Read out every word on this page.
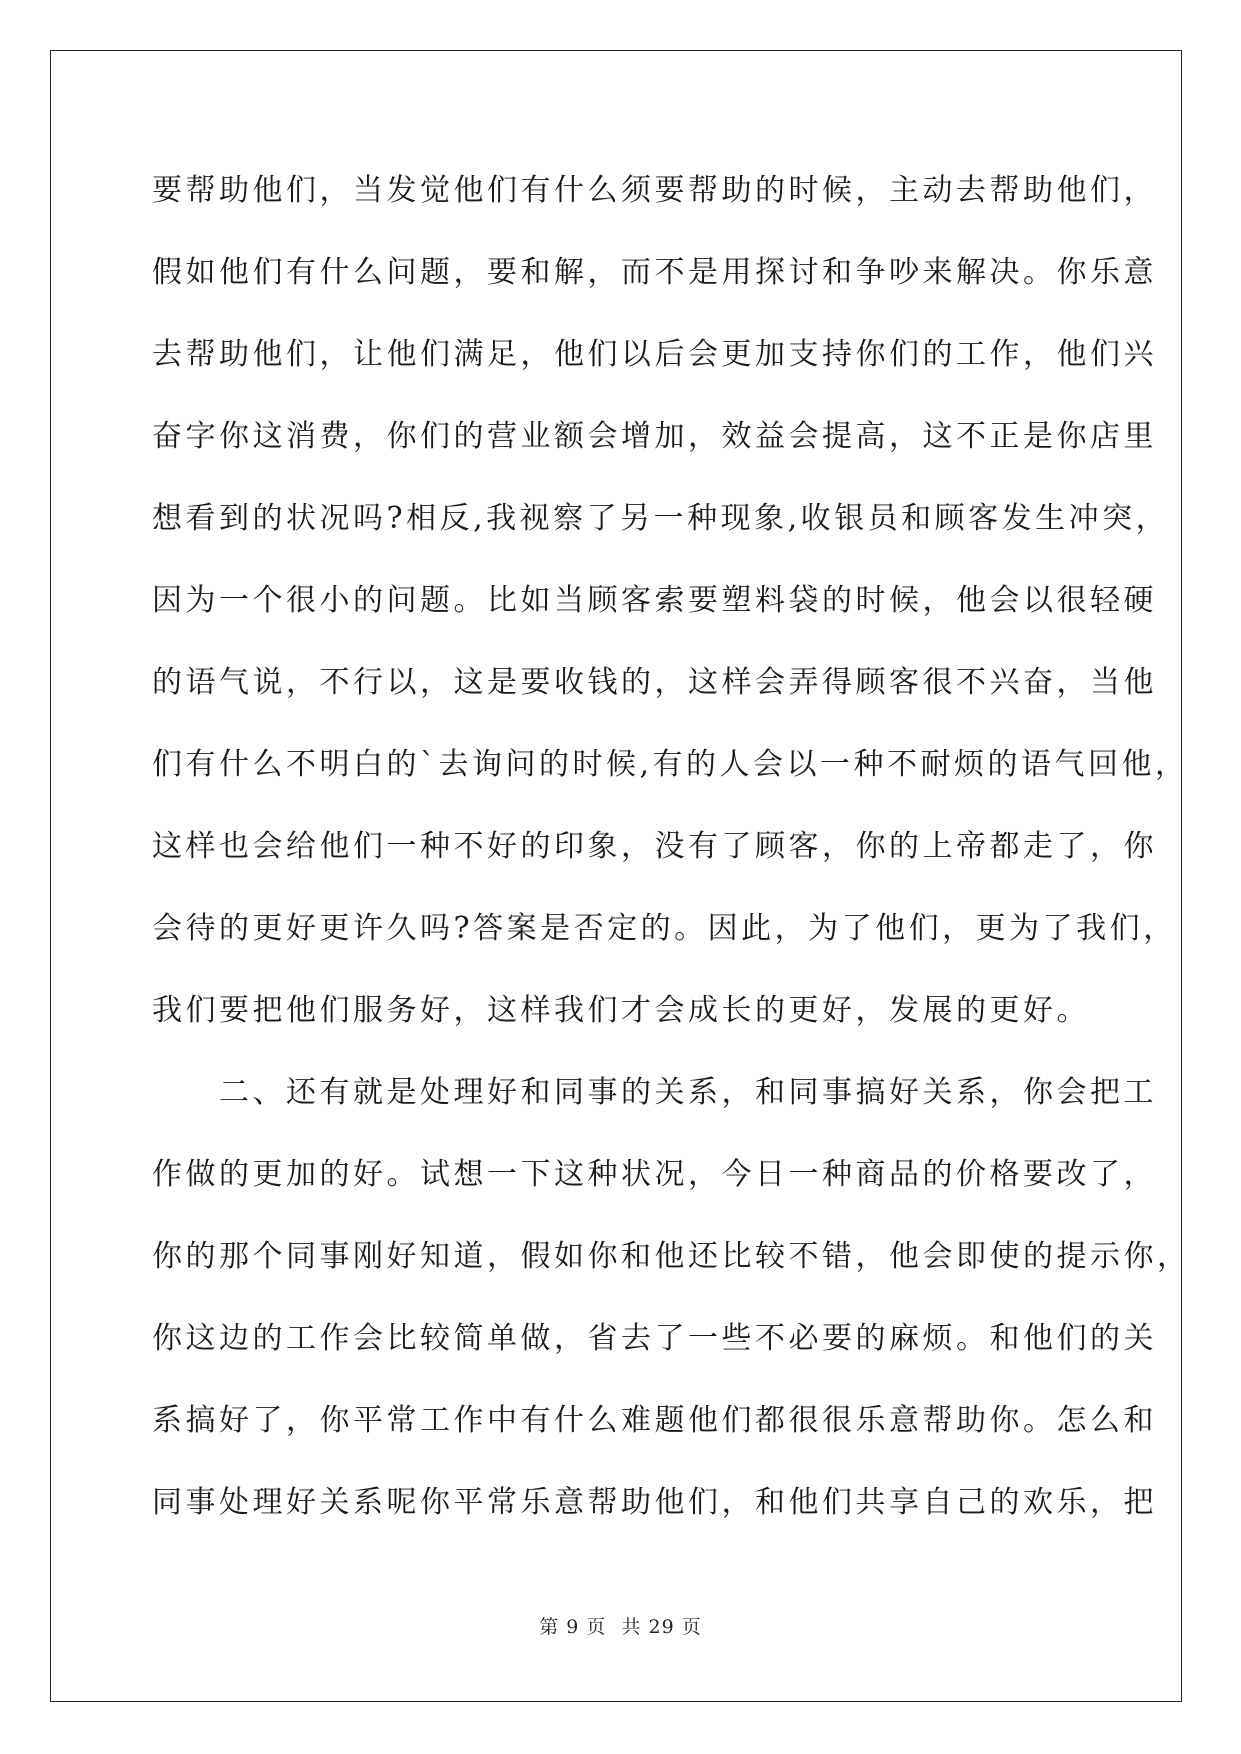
要帮助他们，当发觉他们有什么须要帮助的时候，主动去帮助他们，
假如他们有什么问题，要和解，而不是用探讨和争吵来解决。你乐意
去帮助他们，让他们满足，他们以后会更加支持你们的工作，他们兴
奋字你这消费，你们的营业额会增加，效益会提高，这不正是你店里
想看到的状况吗?相反,我视察了另一种现象,收银员和顾客发生冲突，
因为一个很小的问题。比如当顾客索要塑料袋的时候，他会以很轻硬
的语气说，不行以，这是要收钱的，这样会弄得顾客很不兴奋，当他
们有什么不明白的`去询问的时候,有的人会以一种不耐烦的语气回他，
这样也会给他们一种不好的印象，没有了顾客，你的上帝都走了，你
会待的更好更许久吗?答案是否定的。因此，为了他们，更为了我们，
我们要把他们服务好，这样我们才会成长的更好，发展的更好。
　　二、还有就是处理好和同事的关系，和同事搞好关系，你会把工
作做的更加的好。试想一下这种状况，今日一种商品的价格要改了，
你的那个同事刚好知道，假如你和他还比较不错，他会即使的提示你，
你这边的工作会比较简单做，省去了一些不必要的麻烦。和他们的关
系搞好了，你平常工作中有什么难题他们都很很乐意帮助你。怎么和
同事处理好关系呢你平常乐意帮助他们，和他们共享自己的欢乐，把
第 9 页 共 29 页
